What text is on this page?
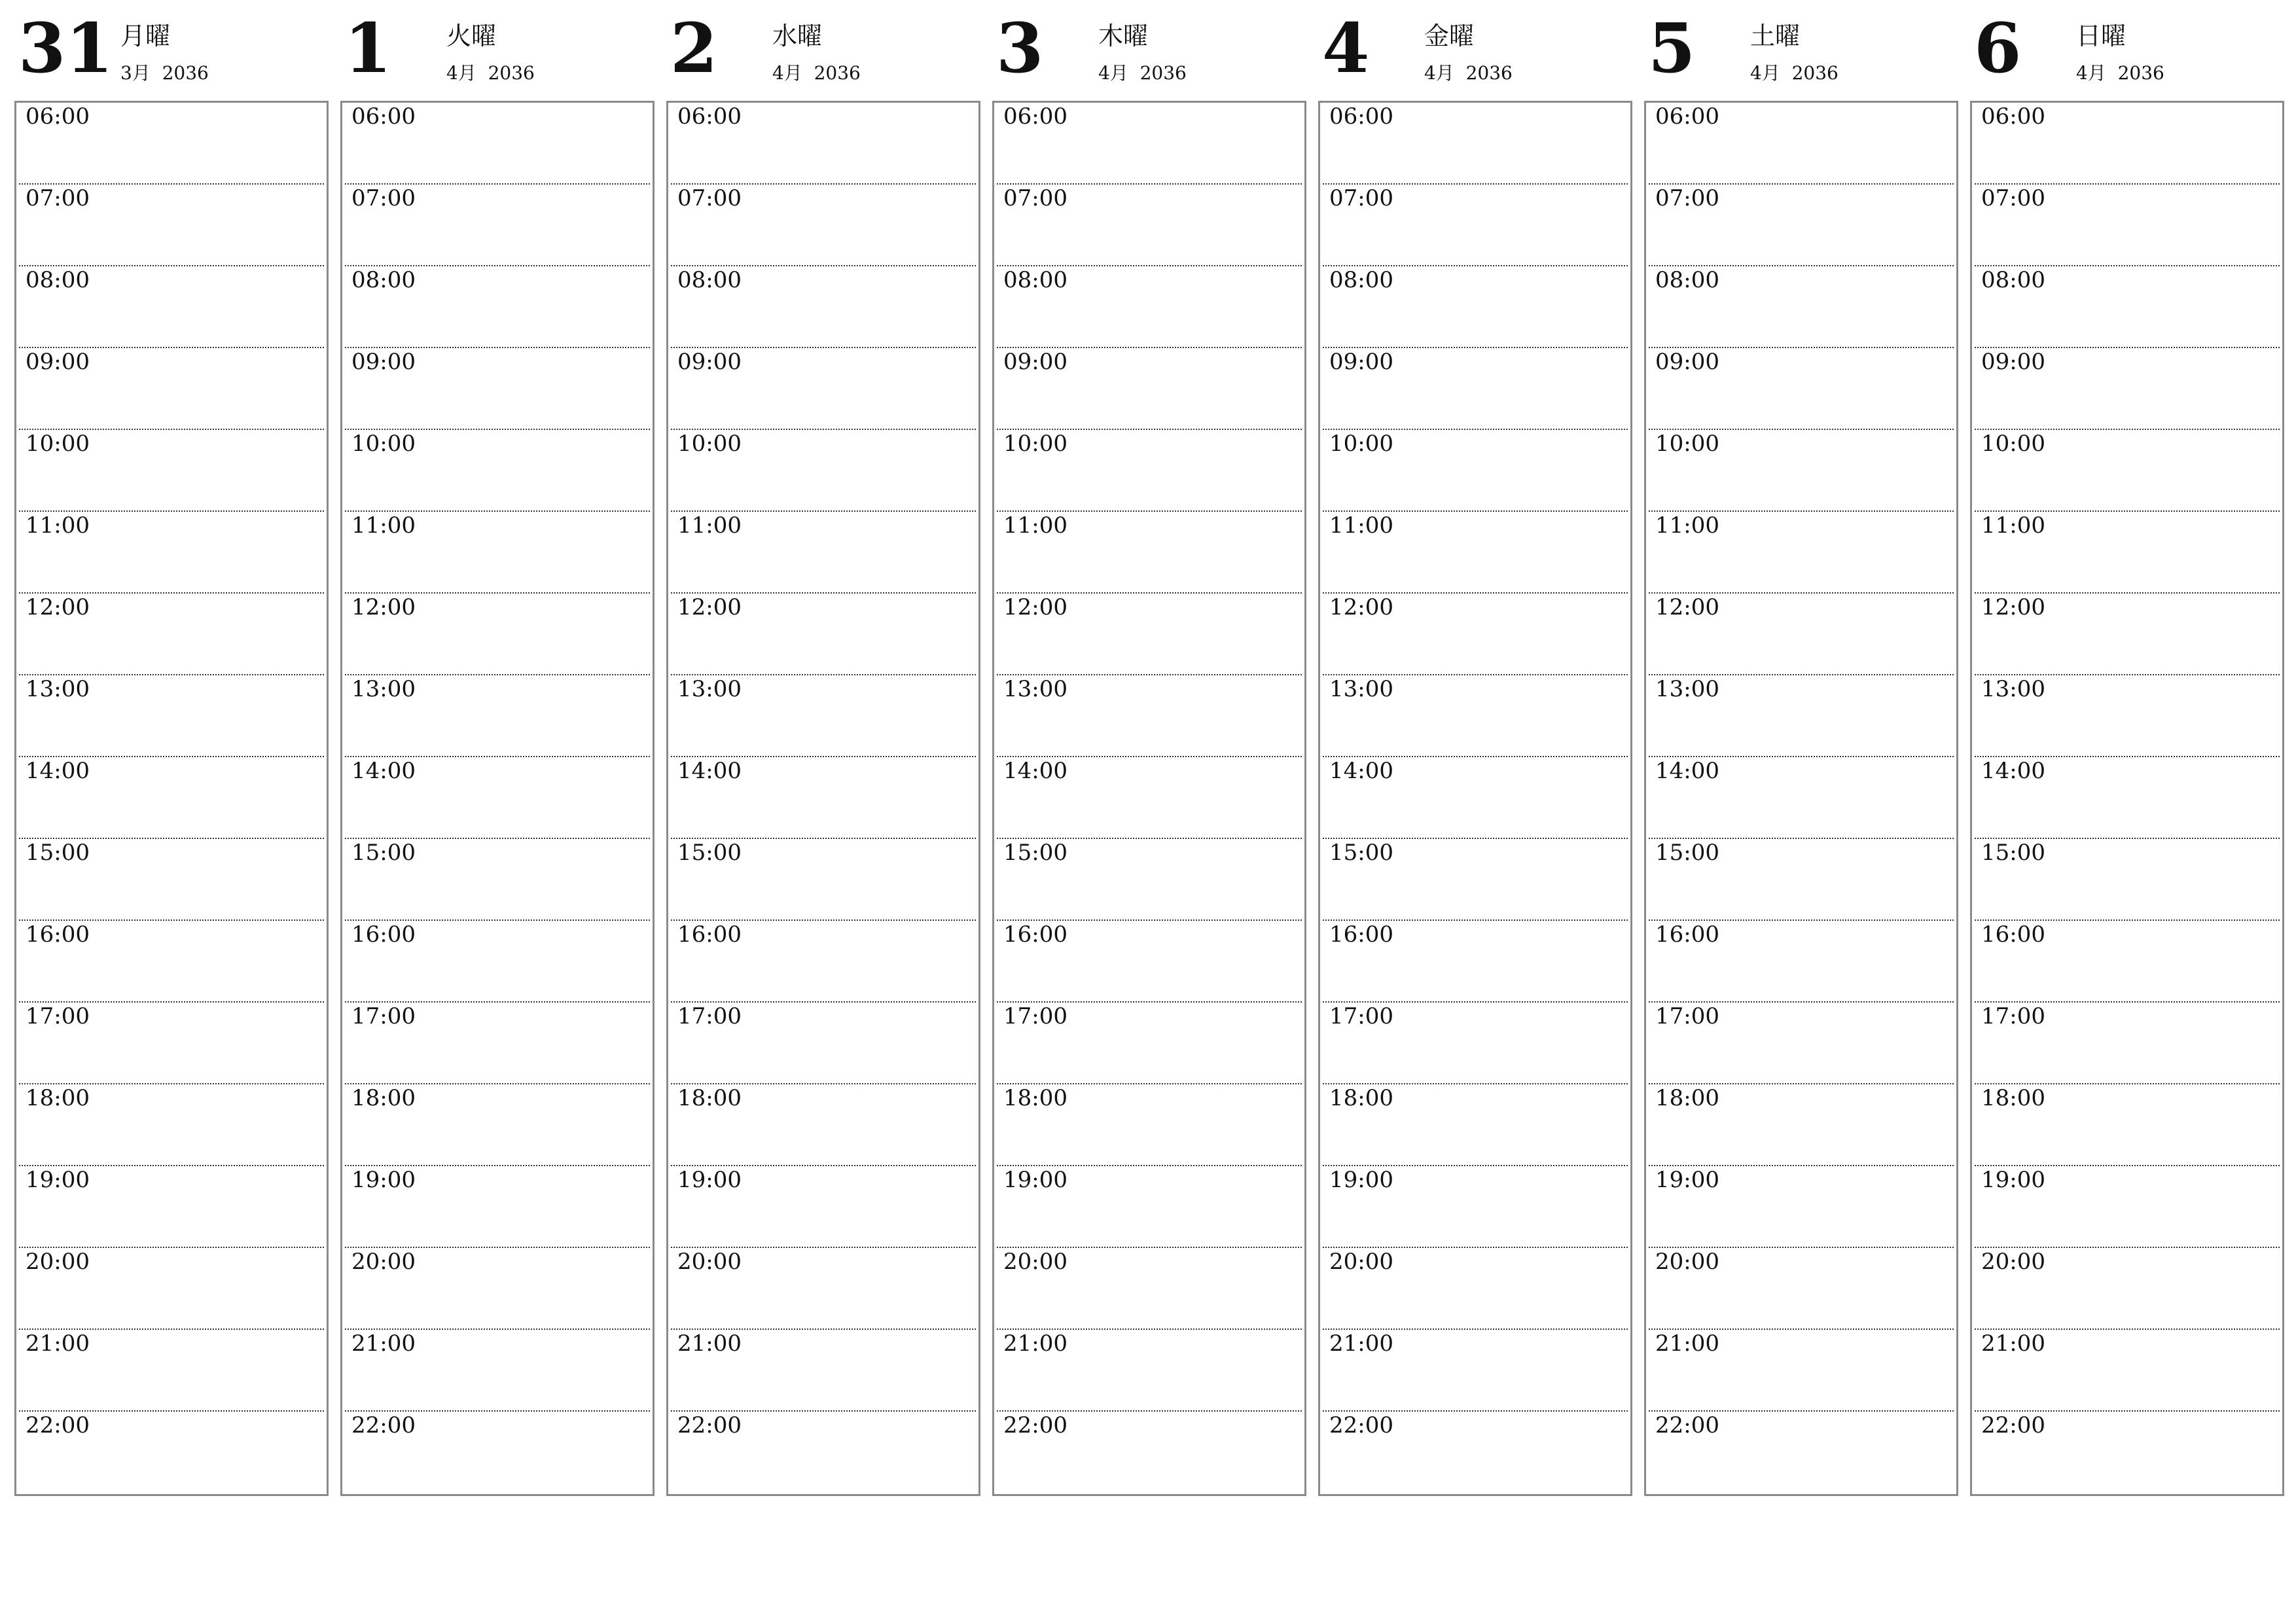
31 月曜
3月  2036
06:00
07:00
08:00
09:00
10:00
11:00
12:00
13:00
14:00
15:00
16:00
17:00
18:00
19:00
20:00
21:00
22:00
1 火曜
4月  2036
06:00
07:00
08:00
09:00
10:00
11:00
12:00
13:00
14:00
15:00
16:00
17:00
18:00
19:00
20:00
21:00
22:00
2 水曜
4月  2036
06:00
07:00
08:00
09:00
10:00
11:00
12:00
13:00
14:00
15:00
16:00
17:00
18:00
19:00
20:00
21:00
22:00
3 木曜
4月  2036
06:00
07:00
08:00
09:00
10:00
11:00
12:00
13:00
14:00
15:00
16:00
17:00
18:00
19:00
20:00
21:00
22:00
4 金曜
4月  2036
06:00
07:00
08:00
09:00
10:00
11:00
12:00
13:00
14:00
15:00
16:00
17:00
18:00
19:00
20:00
21:00
22:00
5 土曜
4月  2036
06:00
07:00
08:00
09:00
10:00
11:00
12:00
13:00
14:00
15:00
16:00
17:00
18:00
19:00
20:00
21:00
22:00
6 日曜
4月  2036
06:00
07:00
08:00
09:00
10:00
11:00
12:00
13:00
14:00
15:00
16:00
17:00
18:00
19:00
20:00
21:00
22:00
